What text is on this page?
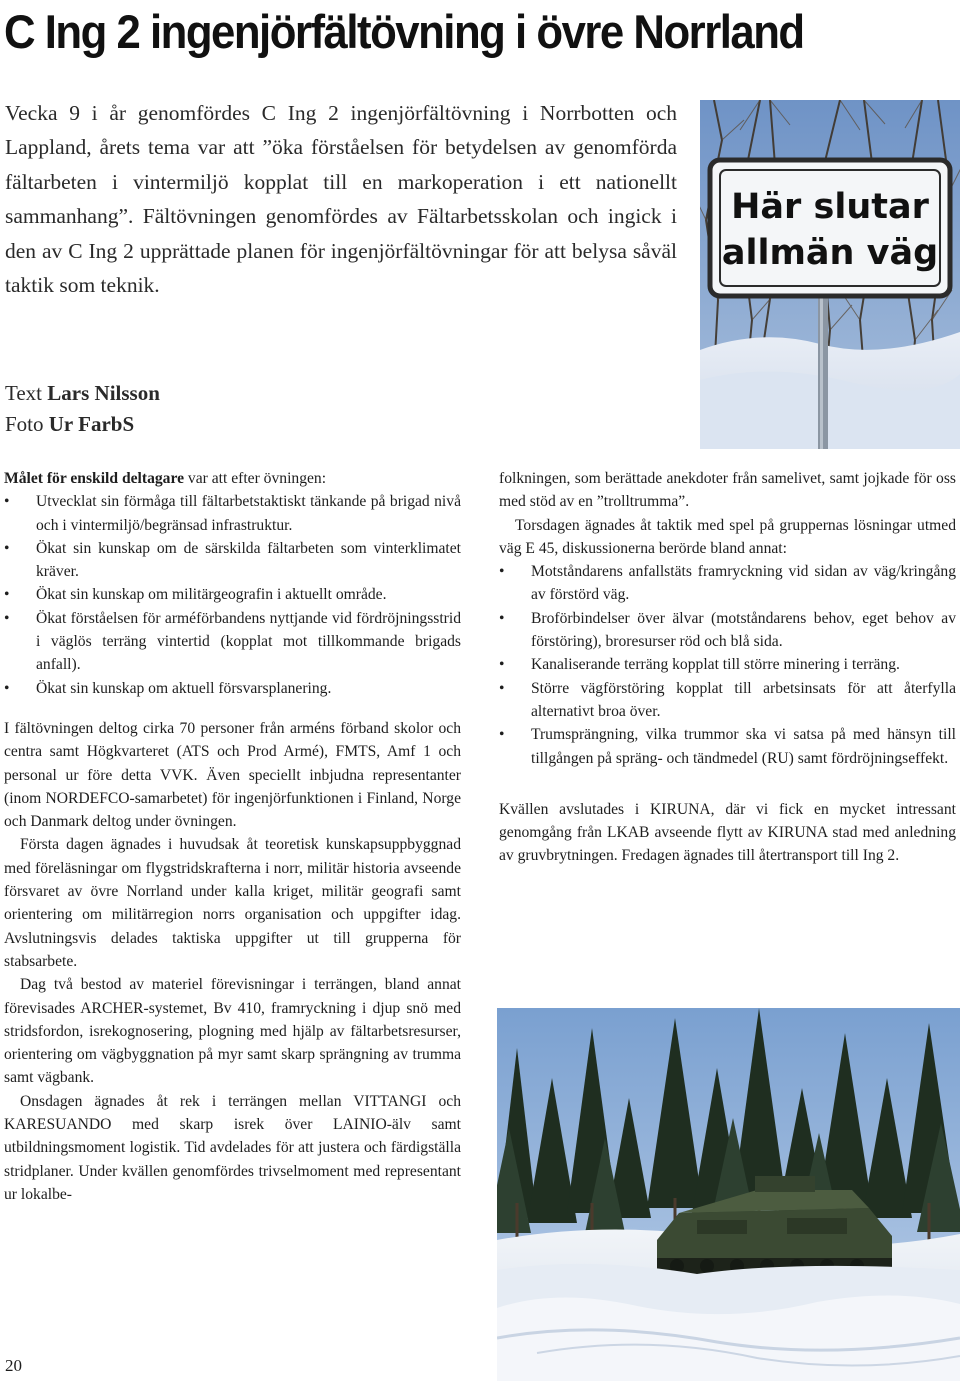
C Ing 2 ingenjörfältövning i övre Norrland

Vecka 9 i år genomfördes C Ing 2 ingenjörfältövning i Norrbotten och Lappland, årets tema var att ”öka förståelsen för betydelsen av genomförda fältarbeten i vintermiljö kopplat till en markoperation i ett nationellt sammanhang”. Fältövningen genomfördes av Fältarbetsskolan och ingick i den av C Ing 2 upprättade planen för ingenjörfältövningar för att belysa såväl taktik som teknik.

Text Lars Nilsson
Foto Ur FarbS
Här slutar
allmän väg

Målet för enskild deltagare var att efter övningen:

• Utvecklat sin förmåga till fältarbetstaktiskt tänkande på brigad nivå och i vintermiljö/begränsad infrastruktur.
• Ökat sin kunskap om de särskilda fältarbeten som vinterklimatet kräver.
• Ökat sin kunskap om militärgeografin i aktuellt område.
• Ökat förståelsen för arméförbandens nyttjande vid fördröjningsstrid i väglös terräng vintertid (kopplat mot tillkommande brigads anfall).
• Ökat sin kunskap om aktuell försvarsplanering.

I fältövningen deltog cirka 70 personer från arméns förband skolor och centra samt Högkvarteret (ATS och Prod Armé), FMTS, Amf 1 och personal ur före detta VVK. Även speciellt inbjudna representanter (inom NORDEFCO-samarbetet) för ingenjörfunktionen i Finland, Norge och Danmark deltog under övningen.

Första dagen ägnades i huvudsak åt teoretisk kunskapsuppbyggnad med föreläsningar om flygstridskrafterna i norr, militär historia avseende försvaret av övre Norrland under kalla kriget, militär geografi samt orientering om militärregion norrs organisation och uppgifter idag. Avslutningsvis delades taktiska uppgifter ut till grupperna för stabsarbete.

Dag två bestod av materiel förevisningar i terrängen, bland annat förevisades ARCHER-systemet, Bv 410, framryckning i djup snö med stridsfordon, isrekognosering, plogning med hjälp av fältarbetsresurser, orientering om vägbyggnation på myr samt skarp sprängning av trumma samt vägbank.

Onsdagen ägnades åt rek i terrängen mellan VITTANGI och KARESUANDO med skarp isrek över LAINIO-älv samt utbildningsmoment logistik. Tid avdelades för att justera och färdigställa stridplaner. Under kvällen genomfördes trivselmoment med representant ur lokalbe-

folkningen, som berättade anekdoter från samelivet, samt jojkade för oss med stöd av en ”trolltrumma”.

Torsdagen ägnades åt taktik med spel på gruppernas lösningar utmed väg E 45, diskussionerna berörde bland annat:

• Motståndarens anfallstäts framryckning vid sidan av väg/kringång av förstörd väg.
• Broförbindelser över älvar (motståndarens behov, eget behov av förstöring), broresurser röd och blå sida.
• Kanaliserande terräng kopplat till större minering i terräng.
• Större vägförstöring kopplat till arbetsinsats för att återfylla alternativt broa över.
• Trumsprängning, vilka trummor ska vi satsa på med hänsyn till tillgången på spräng- och tändmedel (RU) samt fördröjningseffekt.

Kvällen avslutades i KIRUNA, där vi fick en mycket intressant genomgång från LKAB avseende flytt av KIRUNA stad med anledning av gruvbrytningen. Fredagen ägnades till återtransport till Ing 2.

20
